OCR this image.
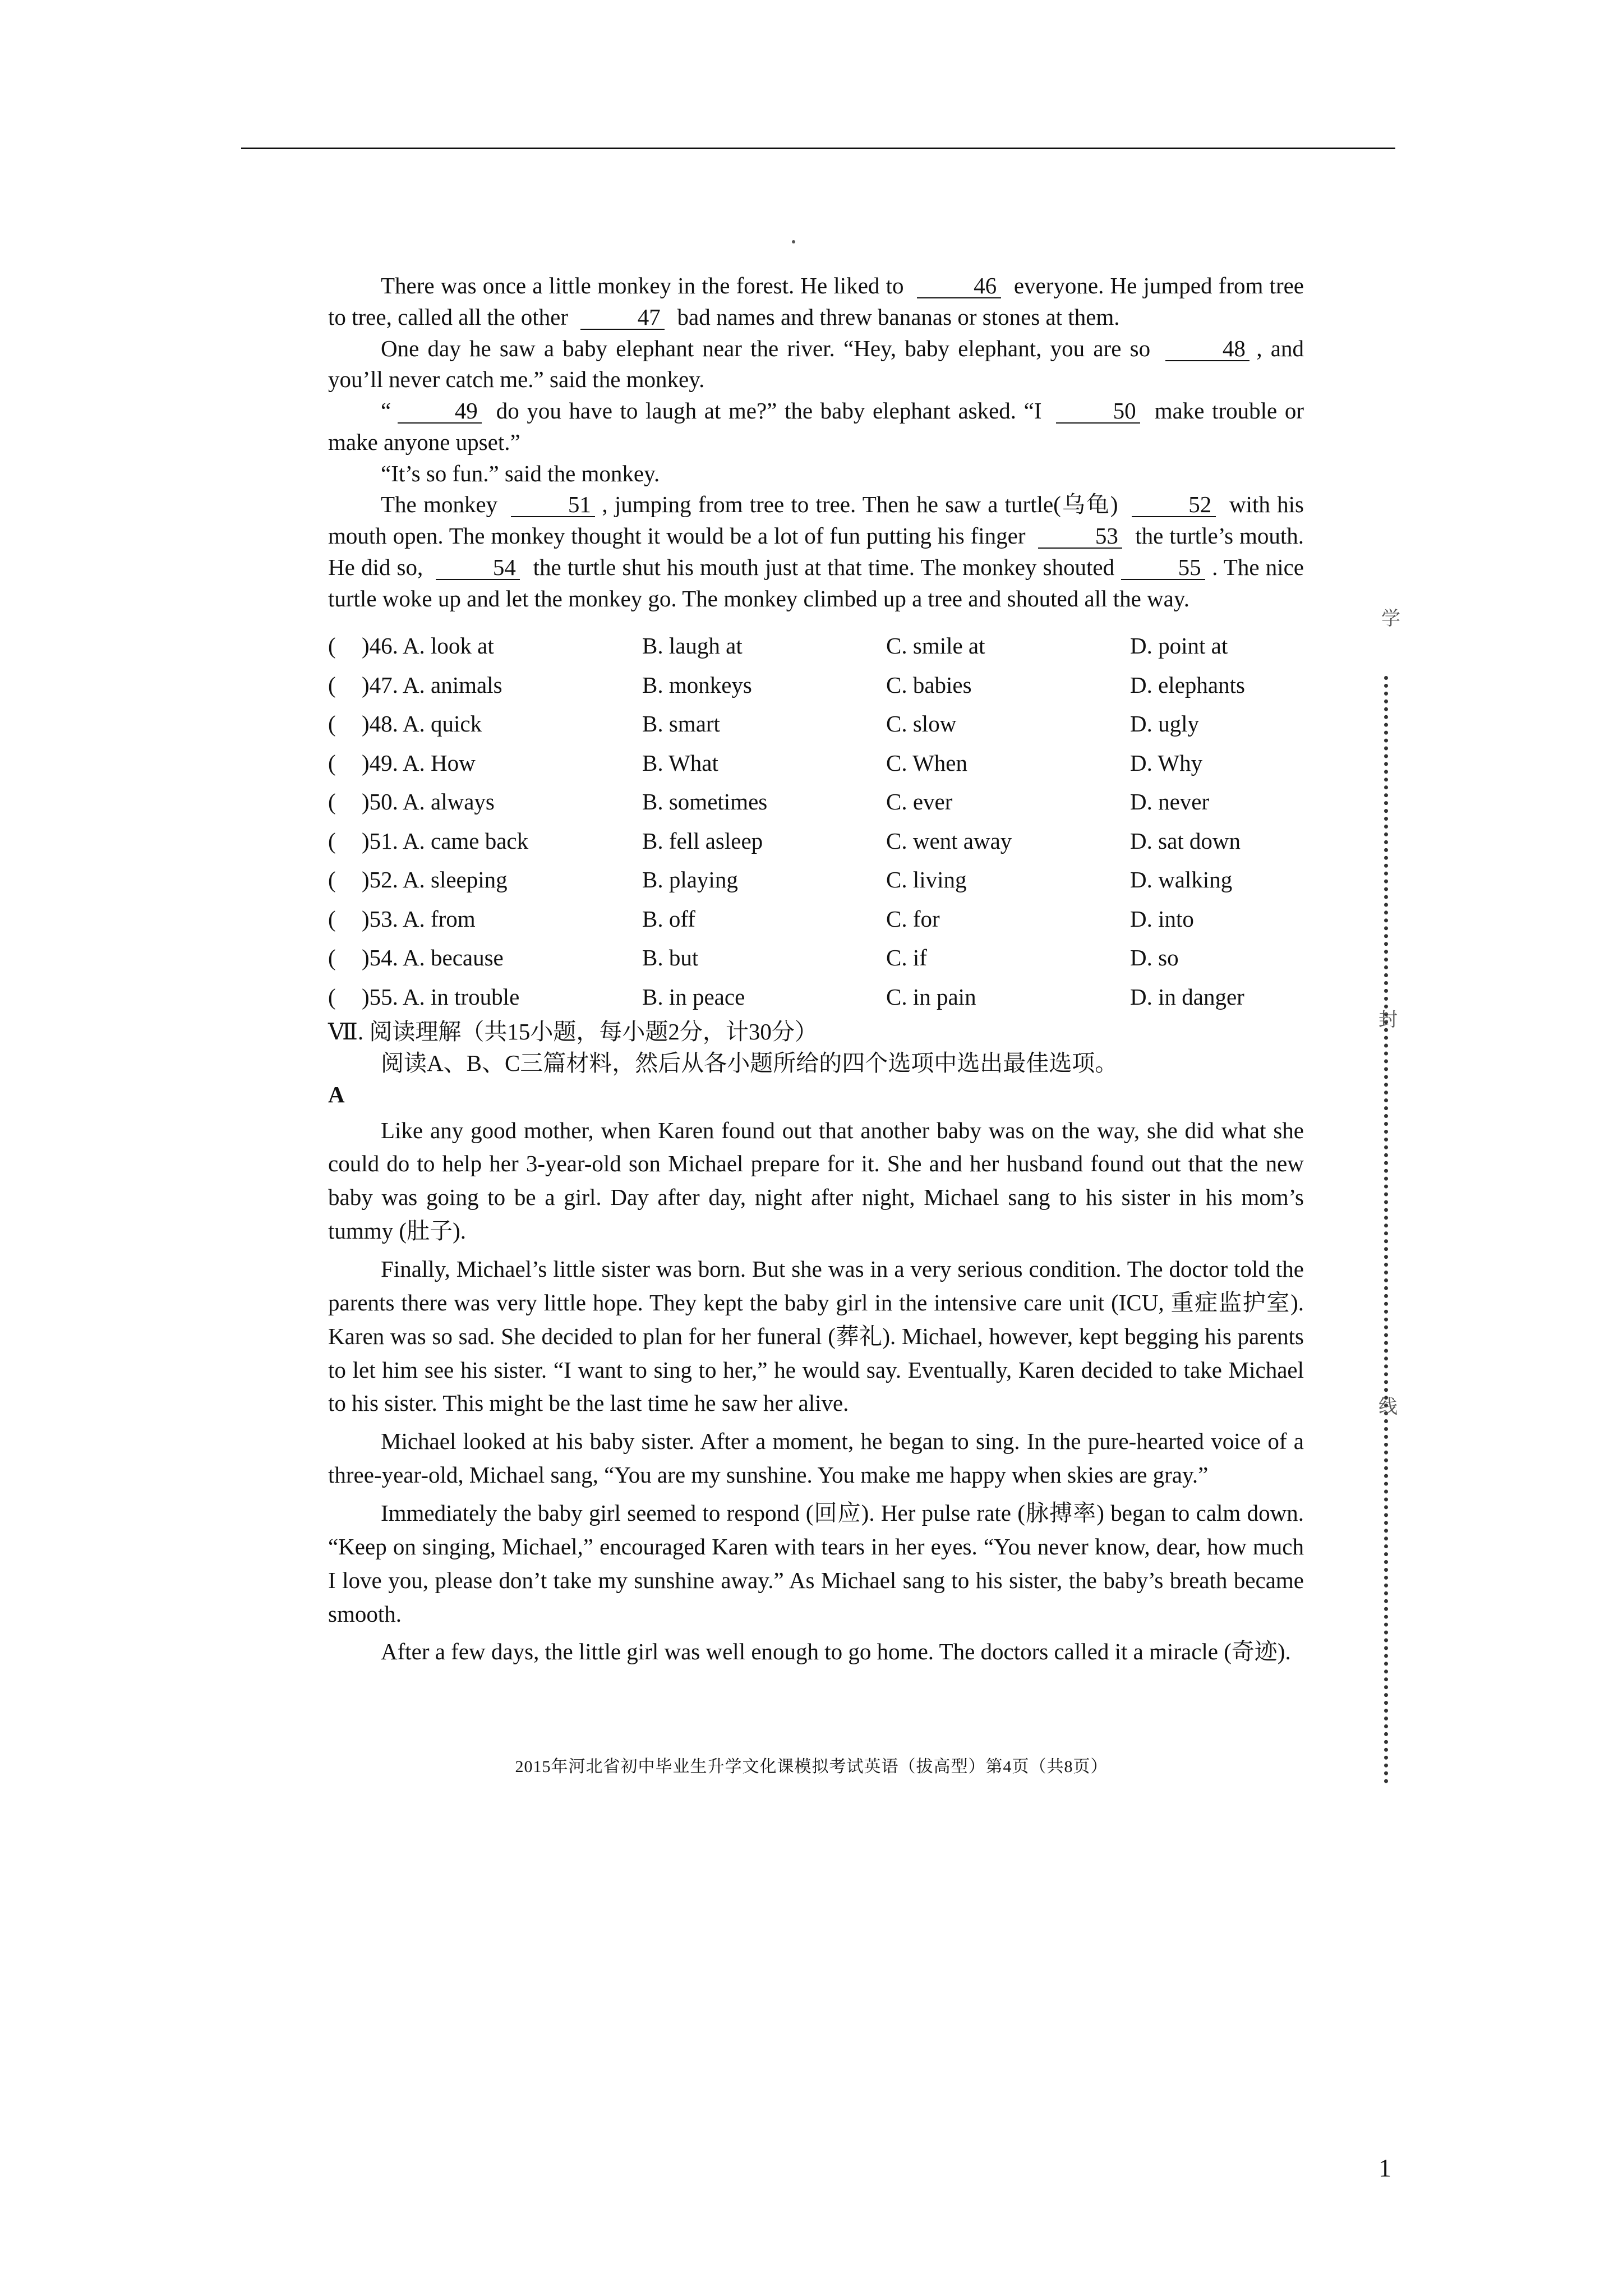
学
封
线

There was once a little monkey in the forest. He liked to	46 everyone. He jumped from tree to tree, called all the other	47 bad names and threw bananas or stones at them.

One day he saw a baby elephant near the river. “Hey, baby elephant, you are so	48 , and you’ll never catch me.” said the monkey.

“	49 do you have to laugh at me?” the baby elephant asked. “I	50 make trouble or make anyone upset.”

“It’s so fun.” said the monkey.

The monkey	51 , jumping from tree to tree. Then he saw a turtle(乌龟)	52 with his mouth open. The monkey thought it would be a lot of fun putting his finger	53 the turtle’s mouth. He did so,	54 the turtle shut his mouth just at that time. The monkey shouted	55 . The nice turtle woke up and let the monkey go. The monkey climbed up a tree and shouted all the way.

(	)46. A. look at	B. laugh at	C. smile at	D. point at
(	)47. A. animals	B. monkeys	C. babies	D. elephants
(	)48. A. quick	B. smart	C. slow	D. ugly
(	)49. A. How	B. What	C. When	D. Why
(	)50. A. always	B. sometimes	C. ever	D. never
(	)51. A. came back	B. fell asleep	C. went away	D. sat down
(	)52. A. sleeping	B. playing	C. living	D. walking
(	)53. A. from	B. off	C. for	D. into
(	)54. A. because	B. but	C. if	D. so
(	)55. A. in trouble	B. in peace	C. in pain	D. in danger

Ⅶ. 阅读理解（共15小题，每小题2分，计30分）

阅读A、B、C三篇材料，然后从各小题所给的四个选项中选出最佳选项。

A

Like any good mother, when Karen found out that another baby was on the way, she did what she could do to help her 3-year-old son Michael prepare for it. She and her husband found out that the new baby was going to be a girl. Day after day, night after night, Michael sang to his sister in his mom’s tummy (肚子).

Finally, Michael’s little sister was born. But she was in a very serious condition. The doctor told the parents there was very little hope. They kept the baby girl in the intensive care unit (ICU, 重症监护室). Karen was so sad. She decided to plan for her funeral (葬礼). Michael, however, kept begging his parents to let him see his sister. “I want to sing to her,” he would say. Eventually, Karen decided to take Michael to his sister. This might be the last time he saw her alive.

Michael looked at his baby sister. After a moment, he began to sing. In the pure-hearted voice of a three-year-old, Michael sang, “You are my sunshine. You make me happy when skies are gray.”

Immediately the baby girl seemed to respond (回应). Her pulse rate (脉搏率) began to calm down. “Keep on singing, Michael,” encouraged Karen with tears in her eyes. “You never know, dear, how much I love you, please don’t take my sunshine away.” As Michael sang to his sister, the baby’s breath became smooth.

After a few days, the little girl was well enough to go home. The doctors called it a miracle (奇迹).

2015年河北省初中毕业生升学文化课模拟考试英语（拔高型）第4页（共8页）
1
